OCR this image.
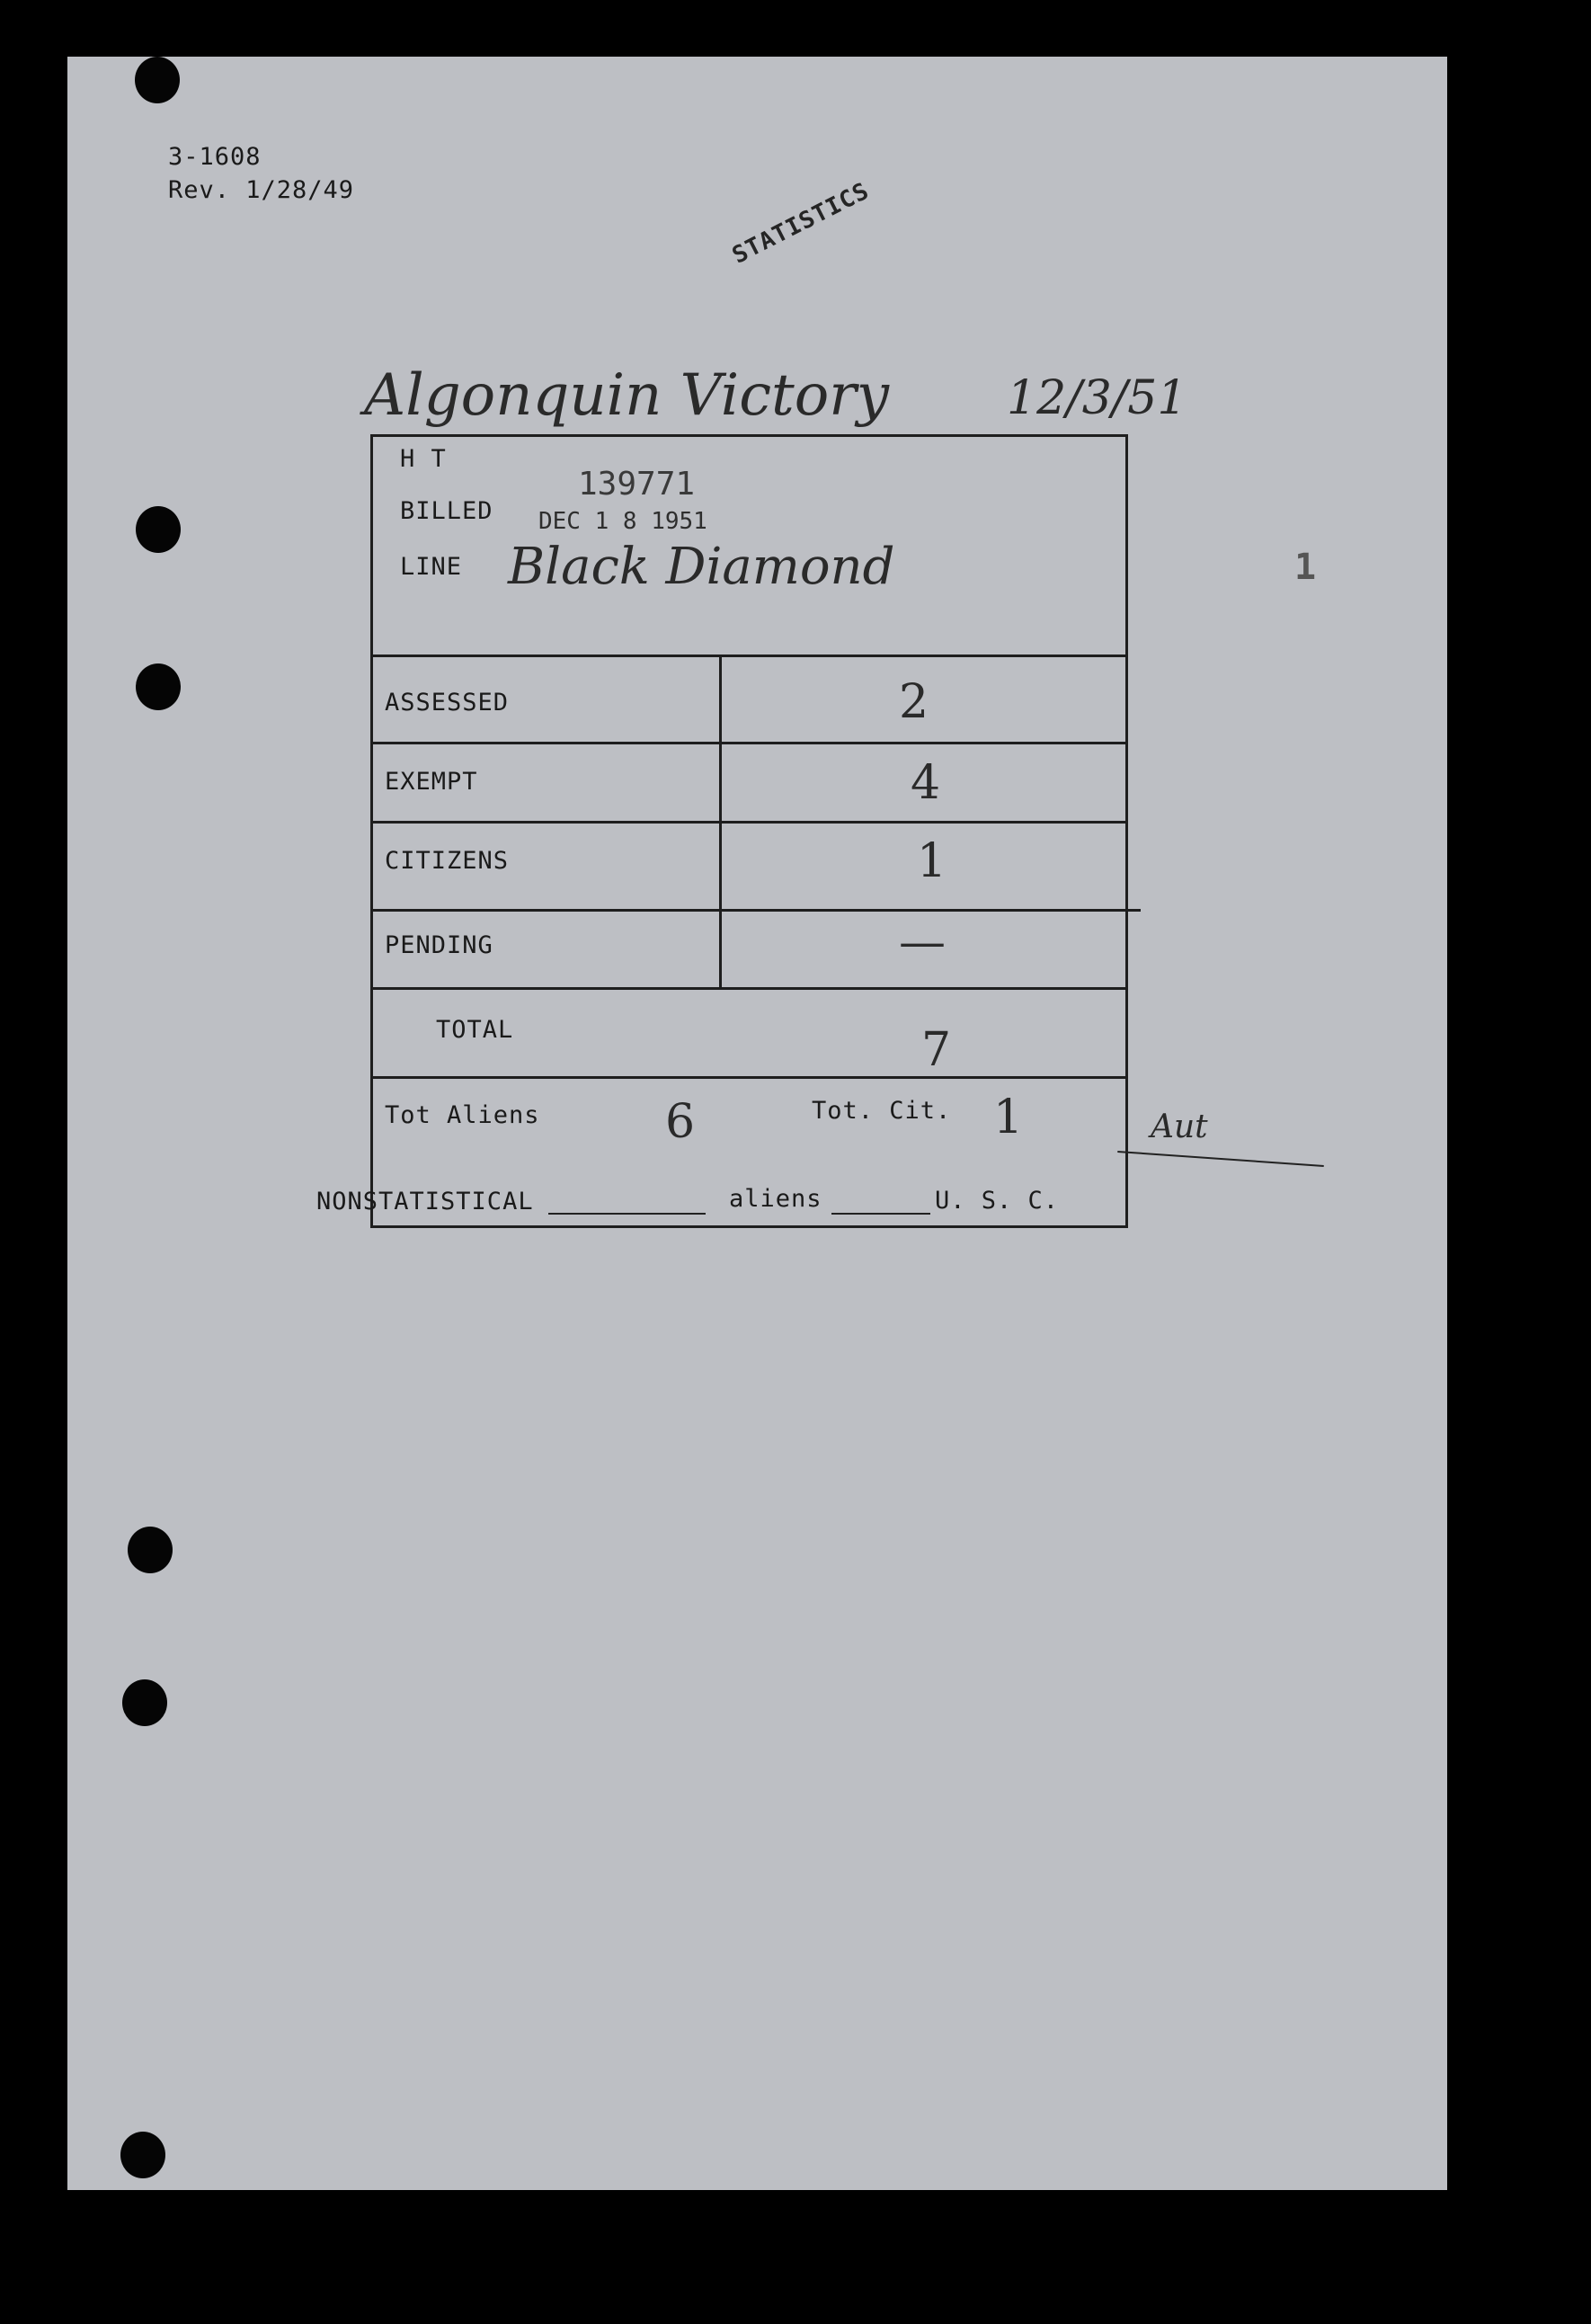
3-1608
Rev. 1/28/49	STATISTICS
Algonquin Victory	12/3/51
H T
BILLED
139771
DEC 1 8 1951
LINE Black Diamond	1
ASSESSED	2
EXEMPT	4
CITIZENS	1
PENDING	—
TOTAL	7
Tot Aliens	6	Tot. Cit. 1	Aut
NONSTATISTICAL	aliens	U. S. C.
